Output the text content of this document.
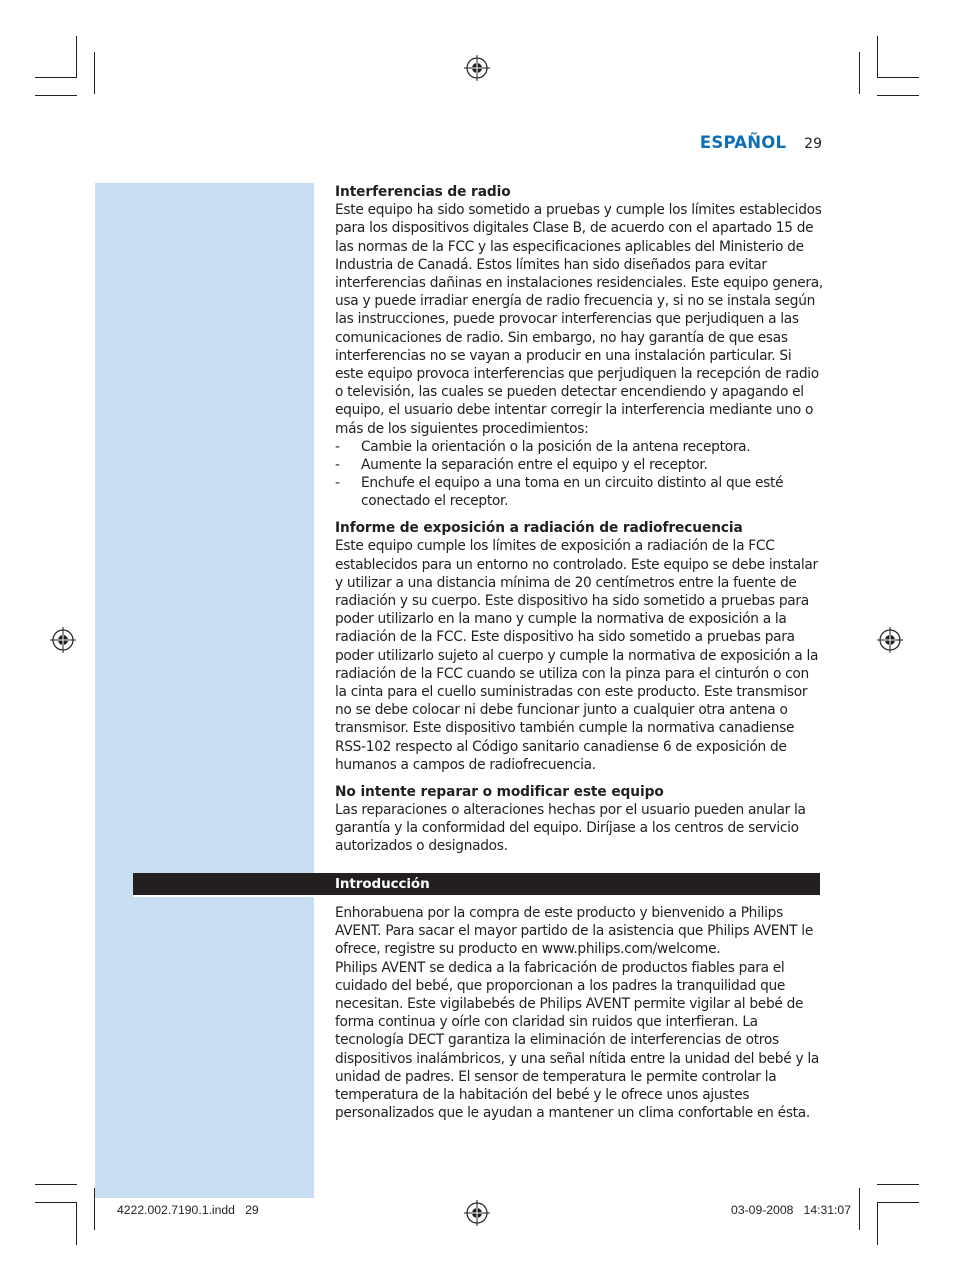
ESPAÑOL 29
Interferencias de radio

Este equipo ha sido sometido a pruebas y cumple los límites establecidos para los dispositivos digitales Clase B, de acuerdo con el apartado 15 de las normas de la FCC y las especificaciones aplicables del Ministerio de Industria de Canadá. Estos límites han sido diseñados para evitar interferencias dañinas en instalaciones residenciales. Este equipo genera, usa y puede irradiar energía de radio frecuencia y, si no se instala según las instrucciones, puede provocar interferencias que perjudiquen a las comunicaciones de radio. Sin embargo, no hay garantía de que esas interferencias no se vayan a producir en una instalación particular. Si este equipo provoca interferencias que perjudiquen la recepción de radio o televisión, las cuales se pueden detectar encendiendo y apagando el equipo, el usuario debe intentar corregir la interferencia mediante uno o más de los siguientes procedimientos:

- Cambie la orientación o la posición de la antena receptora.
- Aumente la separación entre el equipo y el receptor.
- Enchufe el equipo a una toma en un circuito distinto al que esté conectado el receptor.
Informe de exposición a radiación de radiofrecuencia

Este equipo cumple los límites de exposición a radiación de la FCC establecidos para un entorno no controlado. Este equipo se debe instalar y utilizar a una distancia mínima de 20 centímetros entre la fuente de radiación y su cuerpo. Este dispositivo ha sido sometido a pruebas para poder utilizarlo en la mano y cumple la normativa de exposición a la radiación de la FCC. Este dispositivo ha sido sometido a pruebas para poder utilizarlo sujeto al cuerpo y cumple la normativa de exposición a la radiación de la FCC cuando se utiliza con la pinza para el cinturón o con la cinta para el cuello suministradas con este producto. Este transmisor no se debe colocar ni debe funcionar junto a cualquier otra antena o transmisor. Este dispositivo también cumple la normativa canadiense RSS-102 respecto al Código sanitario canadiense 6 de exposición de humanos a campos de radiofrecuencia.

No intente reparar o modificar este equipo

Las reparaciones o alteraciones hechas por el usuario pueden anular la garantía y la conformidad del equipo. Diríjase a los centros de servicio autorizados o designados.

Introducción

Enhorabuena por la compra de este producto y bienvenido a Philips AVENT. Para sacar el mayor partido de la asistencia que Philips AVENT le ofrece, registre su producto en www.philips.com/welcome.

Philips AVENT se dedica a la fabricación de productos fiables para el cuidado del bebé, que proporcionan a los padres la tranquilidad que necesitan. Este vigilabebés de Philips AVENT permite vigilar al bebé de forma continua y oírle con claridad sin ruidos que interfieran. La tecnología DECT garantiza la eliminación de interferencias de otros dispositivos inalámbricos, y una señal nítida entre la unidad del bebé y la unidad de padres. El sensor de temperatura le permite controlar la temperatura de la habitación del bebé y le ofrece unos ajustes personalizados que le ayudan a mantener un clima confortable en ésta.

4222.002.7190.1.indd   29	03-09-2008   14:31:07
